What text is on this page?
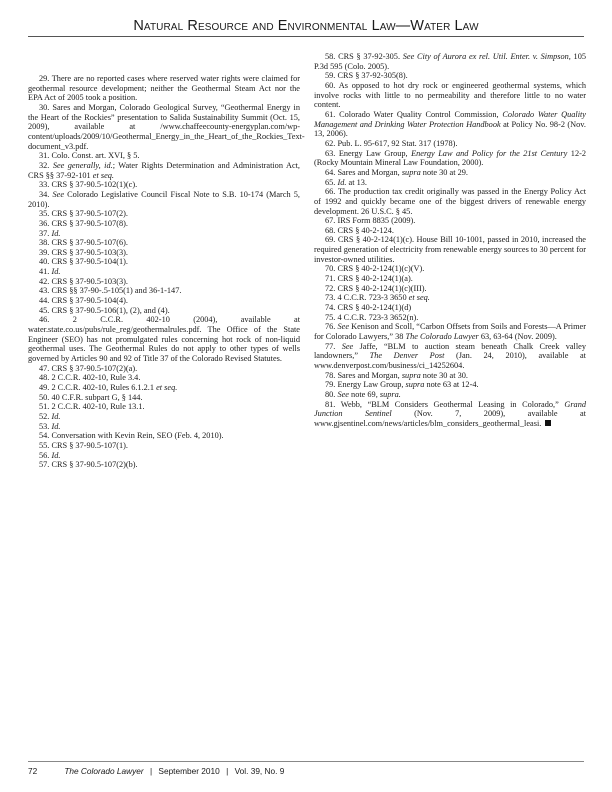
Natural Resource and Environmental Law—Water Law

29. There are no reported cases where reserved water rights were claimed for geothermal resource development; neither the Geothermal Steam Act nor the EPA Act of 2005 took a position.

30. Sares and Morgan, Colorado Geological Survey, “Geothermal Energy in the Heart of the Rockies” presentation to Salida Sustainability Summit (Oct. 15, 2009), available at /www.chaffeecounty-energyplan.com/wp-content/uploads/2009/10/Geothermal_Energy_in_the_Heart_of_the_Rockies_Text-document_v3.pdf.

31. Colo. Const. art. XVI, § 5.

32. See generally, id.; Water Rights Determination and Administration Act, CRS §§ 37-92-101 et seq.

33. CRS § 37-90.5-102(1)(c).

34. See Colorado Legislative Council Fiscal Note to S.B. 10-174 (March 5, 2010).

35. CRS § 37-90.5-107(2).

36. CRS § 37-90.5-107(8).

37. Id.

38. CRS § 37-90.5-107(6).

39. CRS § 37-90.5-103(3).

40. CRS § 37-90.5-104(1).

41. Id.

42. CRS § 37-90.5-103(3).

43. CRS §§ 37-90-.5-105(1) and 36-1-147.

44. CRS § 37-90.5-104(4).

45. CRS § 37-90.5-106(1), (2), and (4).

46. 2 C.C.R. 402-10 (2004), available at water.state.co.us/pubs/rule_reg/geothermalrules.pdf. The Office of the State Engineer (SEO) has not promulgated rules concerning hot rock of non-liquid geothermal uses. The Geothermal Rules do not apply to other types of wells governed by Articles 90 and 92 of Title 37 of the Colorado Revised Statutes.

47. CRS § 37-90.5-107(2)(a).

48. 2 C.C.R. 402-10, Rule 3.4.

49. 2 C.C.R. 402-10, Rules 6.1.2.1 et seq.

50. 40 C.F.R. subpart G, § 144.

51. 2 C.C.R. 402-10, Rule 13.1.

52. Id.

53. Id.

54. Conversation with Kevin Rein, SEO (Feb. 4, 2010).

55. CRS § 37-90.5-107(1).

56. Id.

57. CRS § 37-90.5-107(2)(b).

58. CRS § 37-92-305. See City of Aurora ex rel. Util. Enter. v. Simpson, 105 P.3d 595 (Colo. 2005).

59. CRS § 37-92-305(8).

60. As opposed to hot dry rock or engineered geothermal systems, which involve rocks with little to no permeability and therefore little to no water content.

61. Colorado Water Quality Control Commission, Colorado Water Quality Management and Drinking Water Protection Handbook at Policy No. 98-2 (Nov. 13, 2006).

62. Pub. L. 95-617, 92 Stat. 317 (1978).

63. Energy Law Group, Energy Law and Policy for the 21st Century 12-2 (Rocky Mountain Mineral Law Foundation, 2000).

64. Sares and Morgan, supra note 30 at 29.

65. Id. at 13.

66. The production tax credit originally was passed in the Energy Policy Act of 1992 and quickly became one of the biggest drivers of renewable energy development. 26 U.S.C. § 45.

67. IRS Form 8835 (2009).

68. CRS § 40-2-124.

69. CRS § 40-2-124(1)(c). House Bill 10-1001, passed in 2010, increased the required generation of electricity from renewable energy sources to 30 percent for investor-owned utilities.

70. CRS § 40-2-124(1)(c)(V).

71. CRS § 40-2-124(1)(a).

72. CRS § 40-2-124(1)(c)(III).

73. 4 C.C.R. 723-3 3650 et seq.

74. CRS § 40-2-124(1)(d)

75. 4 C.C.R. 723-3 3652(n).

76. See Kenison and Scoll, “Carbon Offsets from Soils and Forests—A Primer for Colorado Lawyers,” 38 The Colorado Lawyer 63, 63-64 (Nov. 2009).

77. See Jaffe, “BLM to auction steam beneath Chalk Creek valley landowners,” The Denver Post (Jan. 24, 2010), available at www.denverpost.com/business/ci_14252604.

78. Sares and Morgan, supra note 30 at 30.

79. Energy Law Group, supra note 63 at 12-4.

80. See note 69, supra.

81. Webb, “BLM Considers Geothermal Leasing in Colorado,” Grand Junction Sentinel (Nov. 7, 2009), available at www.gjsentinel.com/news/articles/blm_considers_geothermal_leasi.

72	The Colorado Lawyer | September 2010 | Vol. 39, No. 9
